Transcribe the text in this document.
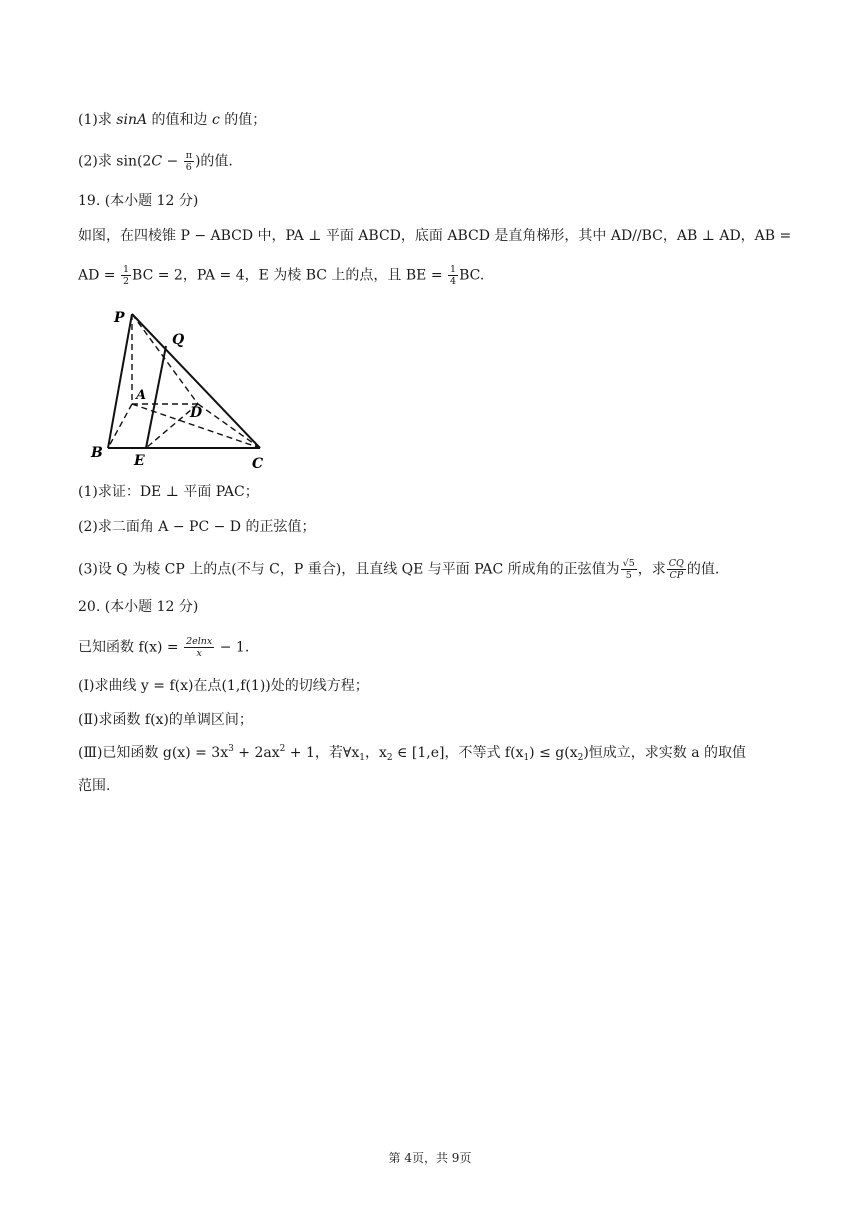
(1)求 sinA 的值和边 c 的值；
(2)求 $\sin(2C - \frac{\pi}{6}$ )的值.
19. (本小题 12 分)
如图，在四棱锥 P − ABCD 中，PA ⊥ 平面 ABCD，底面 ABCD 是直角梯形，其中 AD//BC，AB ⊥ AD，AB =
AD = $\frac{1}{2}$ BC = 2，PA = 4，E 为棱 BC 上的点，且 BE = $\frac{1}{4}$ BC.
P
Q
A
D
B E	C
(1)求证：DE ⊥ 平面 PAC；
(2)求二面角 A − PC − D 的正弦值；
(3)设 Q 为棱 CP 上的点(不与 C，P 重合)，且直线 QE 与平面 PAC 所成角的正弦值为 $\frac{√5}{5}$ ，求 $\frac{CQ}{CP}$ 的值.
20. (本小题 12 分)
已知函数 $f(x) = \frac{2elnx}{x} - 1$.
(Ⅰ)求曲线 y = f(x)在点(1,f(1))处的切线方程；
(Ⅱ)求函数 f(x)的单调区间；
(Ⅲ)已知函数 $g(x) = 3x^3 + 2ax^2 + 1$，若$\forall x_1$，$x_2$ ∈ [1,e]，不等式 $f(x_1) \le g(x_2)$恒成立，求实数 a 的取值
范围.
第 4页，共 9页
